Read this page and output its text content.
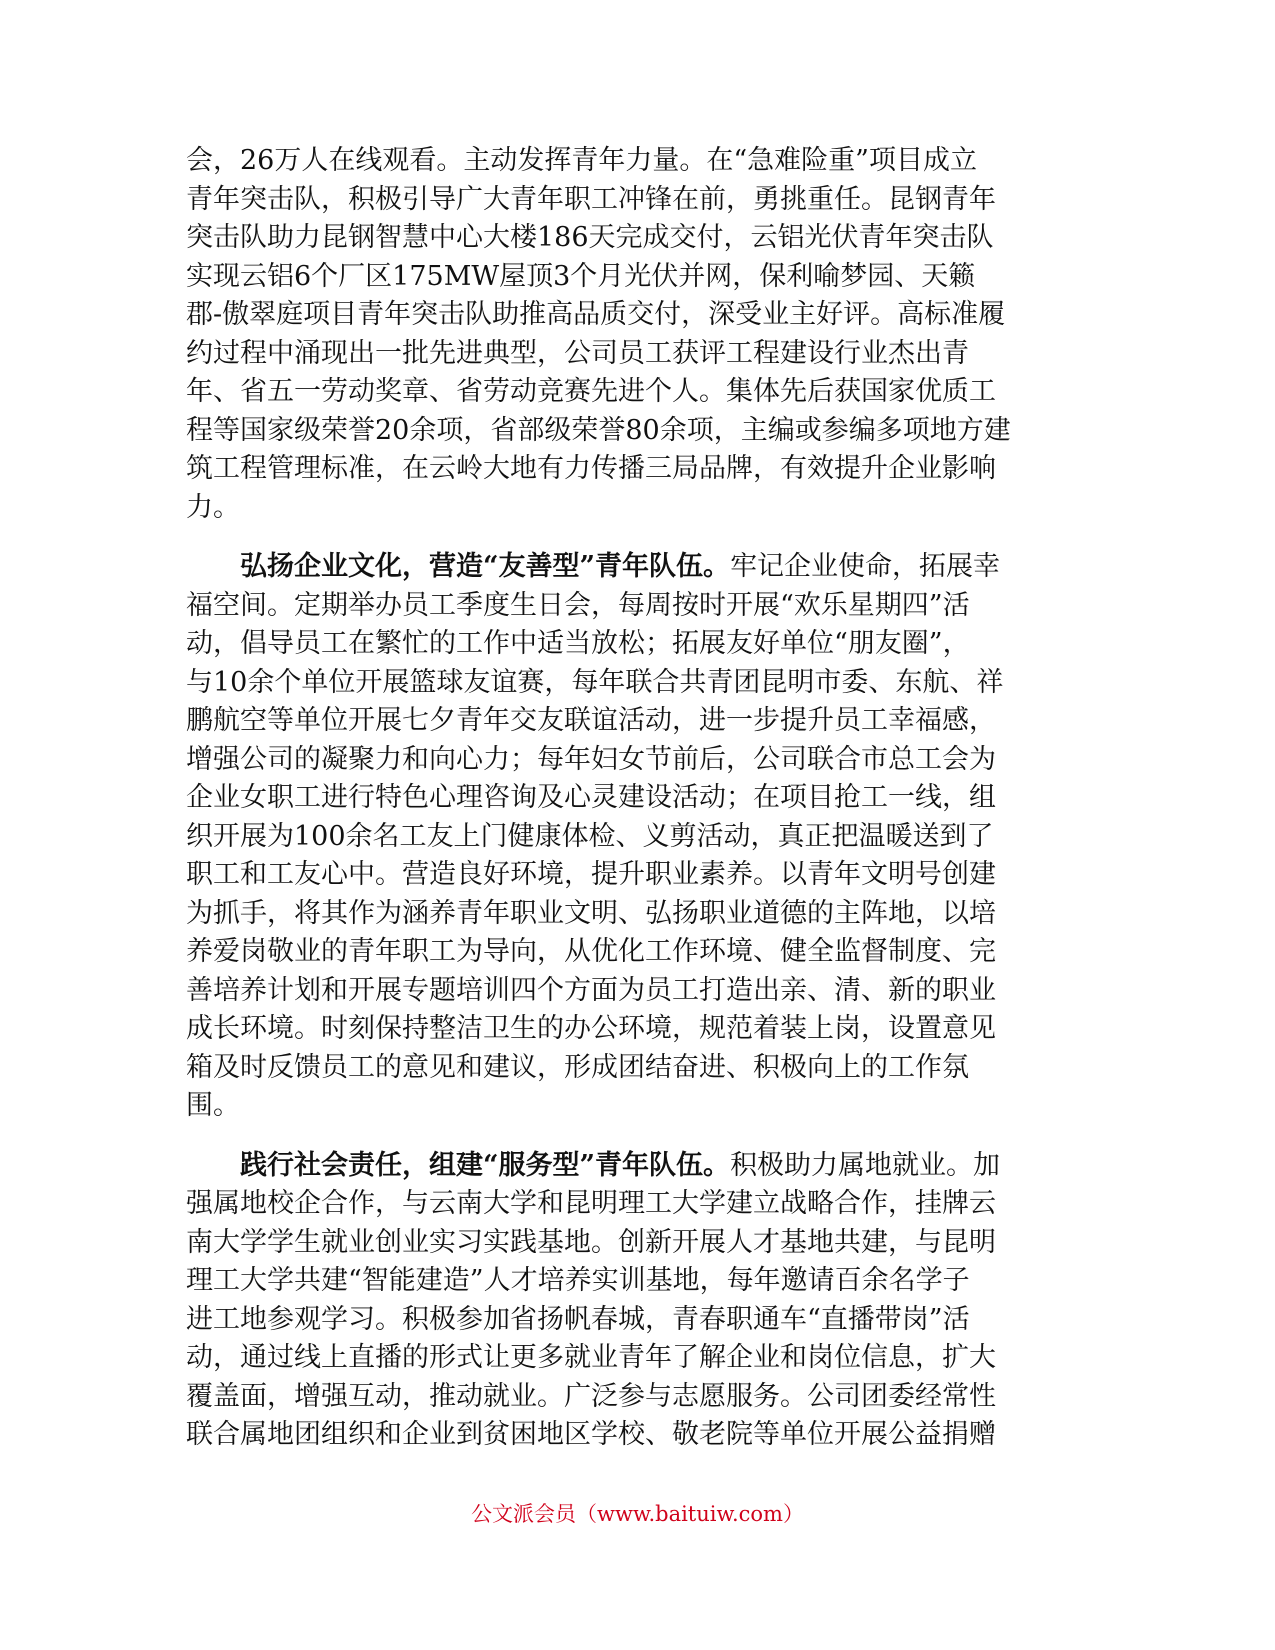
会，26万人在线观看。主动发挥青年力量。在“急难险重”项目成立
青年突击队，积极引导广大青年职工冲锋在前，勇挑重任。昆钢青年
突击队助力昆钢智慧中心大楼186天完成交付，云铝光伏青年突击队
实现云铝6个厂区175MW屋顶3个月光伏并网，保利喻梦园、天籁
郡-傲翠庭项目青年突击队助推高品质交付，深受业主好评。高标准履
约过程中涌现出一批先进典型，公司员工获评工程建设行业杰出青
年、省五一劳动奖章、省劳动竞赛先进个人。集体先后获国家优质工
程等国家级荣誉20余项，省部级荣誉80余项，主编或参编多项地方建
筑工程管理标准，在云岭大地有力传播三局品牌，有效提升企业影响
力。
弘扬企业文化，营造“友善型”青年队伍。牢记企业使命，拓展幸
福空间。定期举办员工季度生日会，每周按时开展“欢乐星期四”活
动，倡导员工在繁忙的工作中适当放松；拓展友好单位“朋友圈”，
与10余个单位开展篮球友谊赛，每年联合共青团昆明市委、东航、祥
鹏航空等单位开展七夕青年交友联谊活动，进一步提升员工幸福感，
增强公司的凝聚力和向心力；每年妇女节前后，公司联合市总工会为
企业女职工进行特色心理咨询及心灵建设活动；在项目抢工一线，组
织开展为100余名工友上门健康体检、义剪活动，真正把温暖送到了
职工和工友心中。营造良好环境，提升职业素养。以青年文明号创建
为抓手，将其作为涵养青年职业文明、弘扬职业道德的主阵地，以培
养爱岗敬业的青年职工为导向，从优化工作环境、健全监督制度、完
善培养计划和开展专题培训四个方面为员工打造出亲、清、新的职业
成长环境。时刻保持整洁卫生的办公环境，规范着装上岗，设置意见
箱及时反馈员工的意见和建议，形成团结奋进、积极向上的工作氛
围。
践行社会责任，组建“服务型”青年队伍。积极助力属地就业。加
强属地校企合作，与云南大学和昆明理工大学建立战略合作，挂牌云
南大学学生就业创业实习实践基地。创新开展人才基地共建，与昆明
理工大学共建“智能建造”人才培养实训基地，每年邀请百余名学子
进工地参观学习。积极参加省扬帆春城，青春职通车“直播带岗”活
动，通过线上直播的形式让更多就业青年了解企业和岗位信息，扩大
覆盖面，增强互动，推动就业。广泛参与志愿服务。公司团委经常性
联合属地团组织和企业到贫困地区学校、敬老院等单位开展公益捐赠
公文派会员（www.baituiw.com）
